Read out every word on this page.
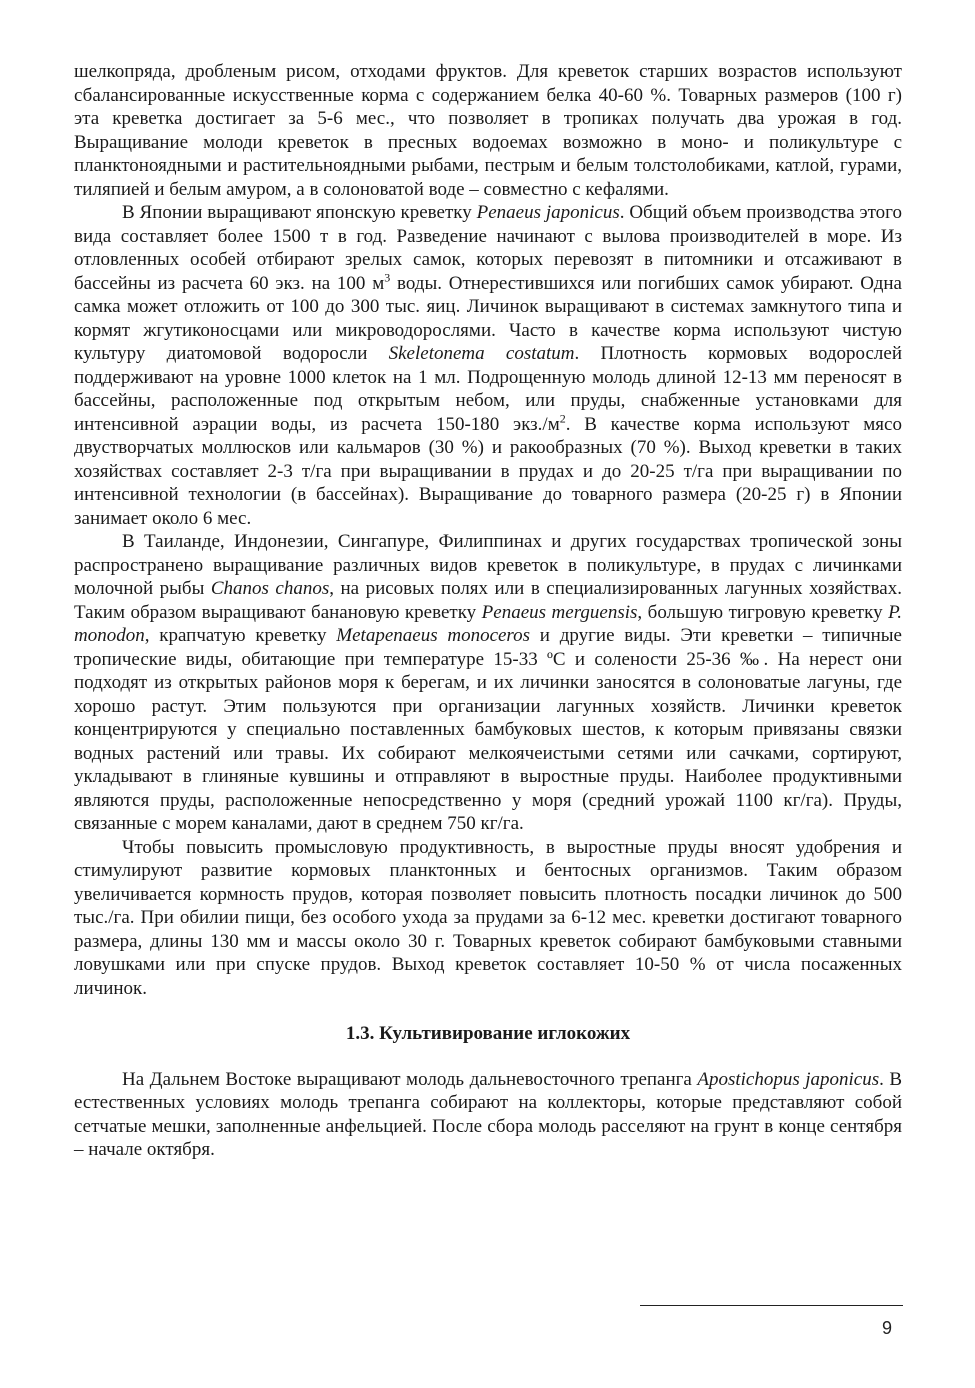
шелкопряда, дробленым рисом, отходами фруктов. Для креветок старших возрастов используют сбалансированные искусственные корма с содержанием белка 40-60 %. Товарных размеров (100 г) эта креветка достигает за 5-6 мес., что позволяет в тропиках получать два урожая в год. Выращивание молоди креветок в пресных водоемах возможно в моно- и поликультуре с планктоноядными и растительноядными рыбами, пестрым и белым толстолобиками, катлой, гурами, тиляпией и белым амуром, а в солоноватой воде – совместно с кефалями.

В Японии выращивают японскую креветку Penaeus japonicus. Общий объем производства этого вида составляет более 1500 т в год. Разведение начинают с вылова производителей в море. Из отловленных особей отбирают зрелых самок, которых перевозят в питомники и отсаживают в бассейны из расчета 60 экз. на 100 $м^3$ воды. Отнерестившихся или погибших самок убирают. Одна самка может отложить от 100 до 300 тыс. яиц. Личинок выращивают в системах замкнутого типа и кормят жгутиконосцами или микроводорослями. Часто в качестве корма используют чистую культуру диатомовой водоросли Skeletonema costatum. Плотность кормовых водорослей поддерживают на уровне 1000 клеток на 1 мл. Подрощенную молодь длиной 12-13 мм переносят в бассейны, расположенные под открытым небом, или пруды, снабженные установками для интенсивной аэрации воды, из расчета 150-180 $экз./м^2$. В качестве корма используют мясо двустворчатых моллюсков или кальмаров (30 %) и ракообразных (70 %). Выход креветки в таких хозяйствах составляет 2-3 т/га при выращивании в прудах и до 20-25 т/га при выращивании по интенсивной технологии (в бассейнах). Выращивание до товарного размера (20-25 г) в Японии занимает около 6 мес.

В Таиланде, Индонезии, Сингапуре, Филиппинах и других государствах тропической зоны распространено выращивание различных видов креветок в поликультуре, в прудах с личинками молочной рыбы Chanos chanos, на рисовых полях или в специализированных лагунных хозяйствах. Таким образом выращивают банановую креветку Penaeus merguensis, большую тигровую креветку P. monodon, крапчатую креветку Metapenaeus monoceros и другие виды. Эти креветки – типичные тропические виды, обитающие при температуре 15-33 ºС и солености 25-36 ‰. На нерест они подходят из открытых районов моря к берегам, и их личинки заносятся в солоноватые лагуны, где хорошо растут. Этим пользуются при организации лагунных хозяйств. Личинки креветок концентрируются у специально поставленных бамбуковых шестов, к которым привязаны связки водных растений или травы. Их собирают мелкоячеистыми сетями или сачками, сортируют, укладывают в глиняные кувшины и отправляют в выростные пруды. Наиболее продуктивными являются пруды, расположенные непосредственно у моря (средний урожай 1100 кг/га). Пруды, связанные с морем каналами, дают в среднем 750 кг/га.

Чтобы повысить промысловую продуктивность, в выростные пруды вносят удобрения и стимулируют развитие кормовых планктонных и бентосных организмов. Таким образом увеличивается кормность прудов, которая позволяет повысить плотность посадки личинок до 500 тыс./га. При обилии пищи, без особого ухода за прудами за 6-12 мес. креветки достигают товарного размера, длины 130 мм и массы около 30 г. Товарных креветок собирают бамбуковыми ставными ловушками или при спуске прудов. Выход креветок составляет 10-50 % от числа посаженных личинок.

1.3. Культивирование иглокожих

На Дальнем Востоке выращивают молодь дальневосточного трепанга Apostichopus japonicus. В естественных условиях молодь трепанга собирают на коллекторы, которые представляют собой сетчатые мешки, заполненные анфельцией. После сбора молодь расселяют на грунт в конце сентября – начале октября.

9
